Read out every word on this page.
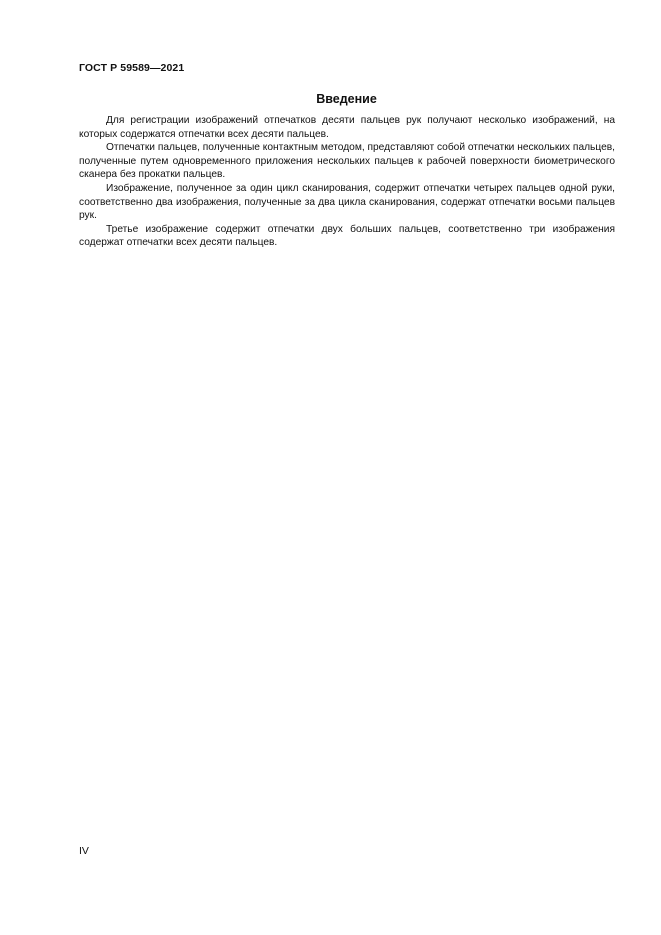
ГОСТ Р 59589—2021
Введение

Для регистрации изображений отпечатков десяти пальцев рук получают несколько изображений, на которых содержатся отпечатки всех десяти пальцев.

Отпечатки пальцев, полученные контактным методом, представляют собой отпечатки нескольких пальцев, полученные путем одновременного приложения нескольких пальцев к рабочей поверхности биометрического сканера без прокатки пальцев.

Изображение, полученное за один цикл сканирования, содержит отпечатки четырех пальцев одной руки, соответственно два изображения, полученные за два цикла сканирования, содержат отпечатки восьми пальцев рук.

Третье изображение содержит отпечатки двух больших пальцев, соответственно три изображения содержат отпечатки всех десяти пальцев.

IV
